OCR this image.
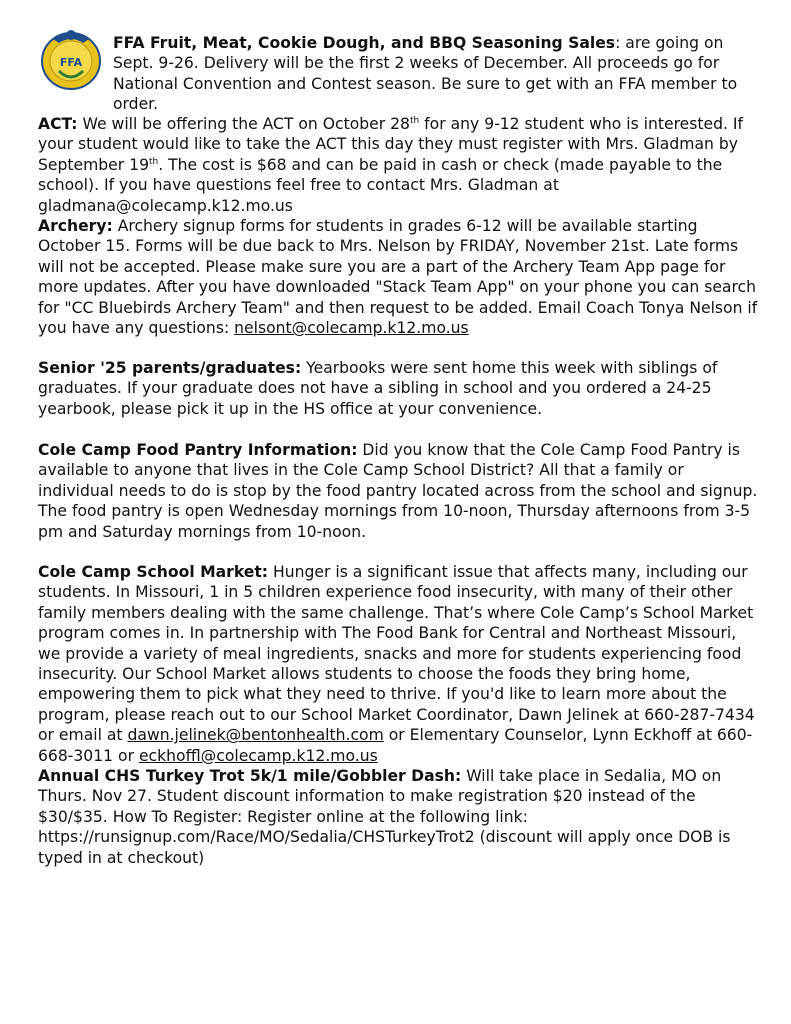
FFA

FFA Fruit, Meat, Cookie Dough, and BBQ Seasoning Sales: are going on Sept. 9-26. Delivery will be the first 2 weeks of December. All proceeds go for National Convention and Contest season. Be sure to get with an FFA member to order.

ACT: We will be offering the ACT on October 28th for any 9-12 student who is interested. If your student would like to take the ACT this day they must register with Mrs. Gladman by September 19th. The cost is $68 and can be paid in cash or check (made payable to the school). If you have questions feel free to contact Mrs. Gladman at gladmana@colecamp.k12.mo.us

Archery: Archery signup forms for students in grades 6-12 will be available starting October 15. Forms will be due back to Mrs. Nelson by FRIDAY, November 21st. Late forms will not be accepted. Please make sure you are a part of the Archery Team App page for more updates. After you have downloaded "Stack Team App" on your phone you can search for "CC Bluebirds Archery Team" and then request to be added. Email Coach Tonya Nelson if you have any questions: nelsont@colecamp.k12.mo.us

Senior '25 parents/graduates: Yearbooks were sent home this week with siblings of graduates. If your graduate does not have a sibling in school and you ordered a 24-25 yearbook, please pick it up in the HS office at your convenience.

Cole Camp Food Pantry Information: Did you know that the Cole Camp Food Pantry is available to anyone that lives in the Cole Camp School District? All that a family or individual needs to do is stop by the food pantry located across from the school and signup. The food pantry is open Wednesday mornings from 10-noon, Thursday afternoons from 3-5 pm and Saturday mornings from 10-noon.

Cole Camp School Market: Hunger is a significant issue that affects many, including our students. In Missouri, 1 in 5 children experience food insecurity, with many of their other family members dealing with the same challenge. That’s where Cole Camp’s School Market program comes in. In partnership with The Food Bank for Central and Northeast Missouri, we provide a variety of meal ingredients, snacks and more for students experiencing food insecurity. Our School Market allows students to choose the foods they bring home, empowering them to pick what they need to thrive. If you'd like to learn more about the program, please reach out to our School Market Coordinator, Dawn Jelinek at 660-287-7434 or email at dawn.jelinek@bentonhealth.com or Elementary Counselor, Lynn Eckhoff at 660-668-3011 or eckhoffl@colecamp.k12.mo.us

Annual CHS Turkey Trot 5k/1 mile/Gobbler Dash: Will take place in Sedalia, MO on Thurs. Nov 27. Student discount information to make registration $20 instead of the $30/$35. How To Register: Register online at the following link: https://runsignup.com/Race/MO/Sedalia/CHSTurkeyTrot2 (discount will apply once DOB is typed in at checkout)
